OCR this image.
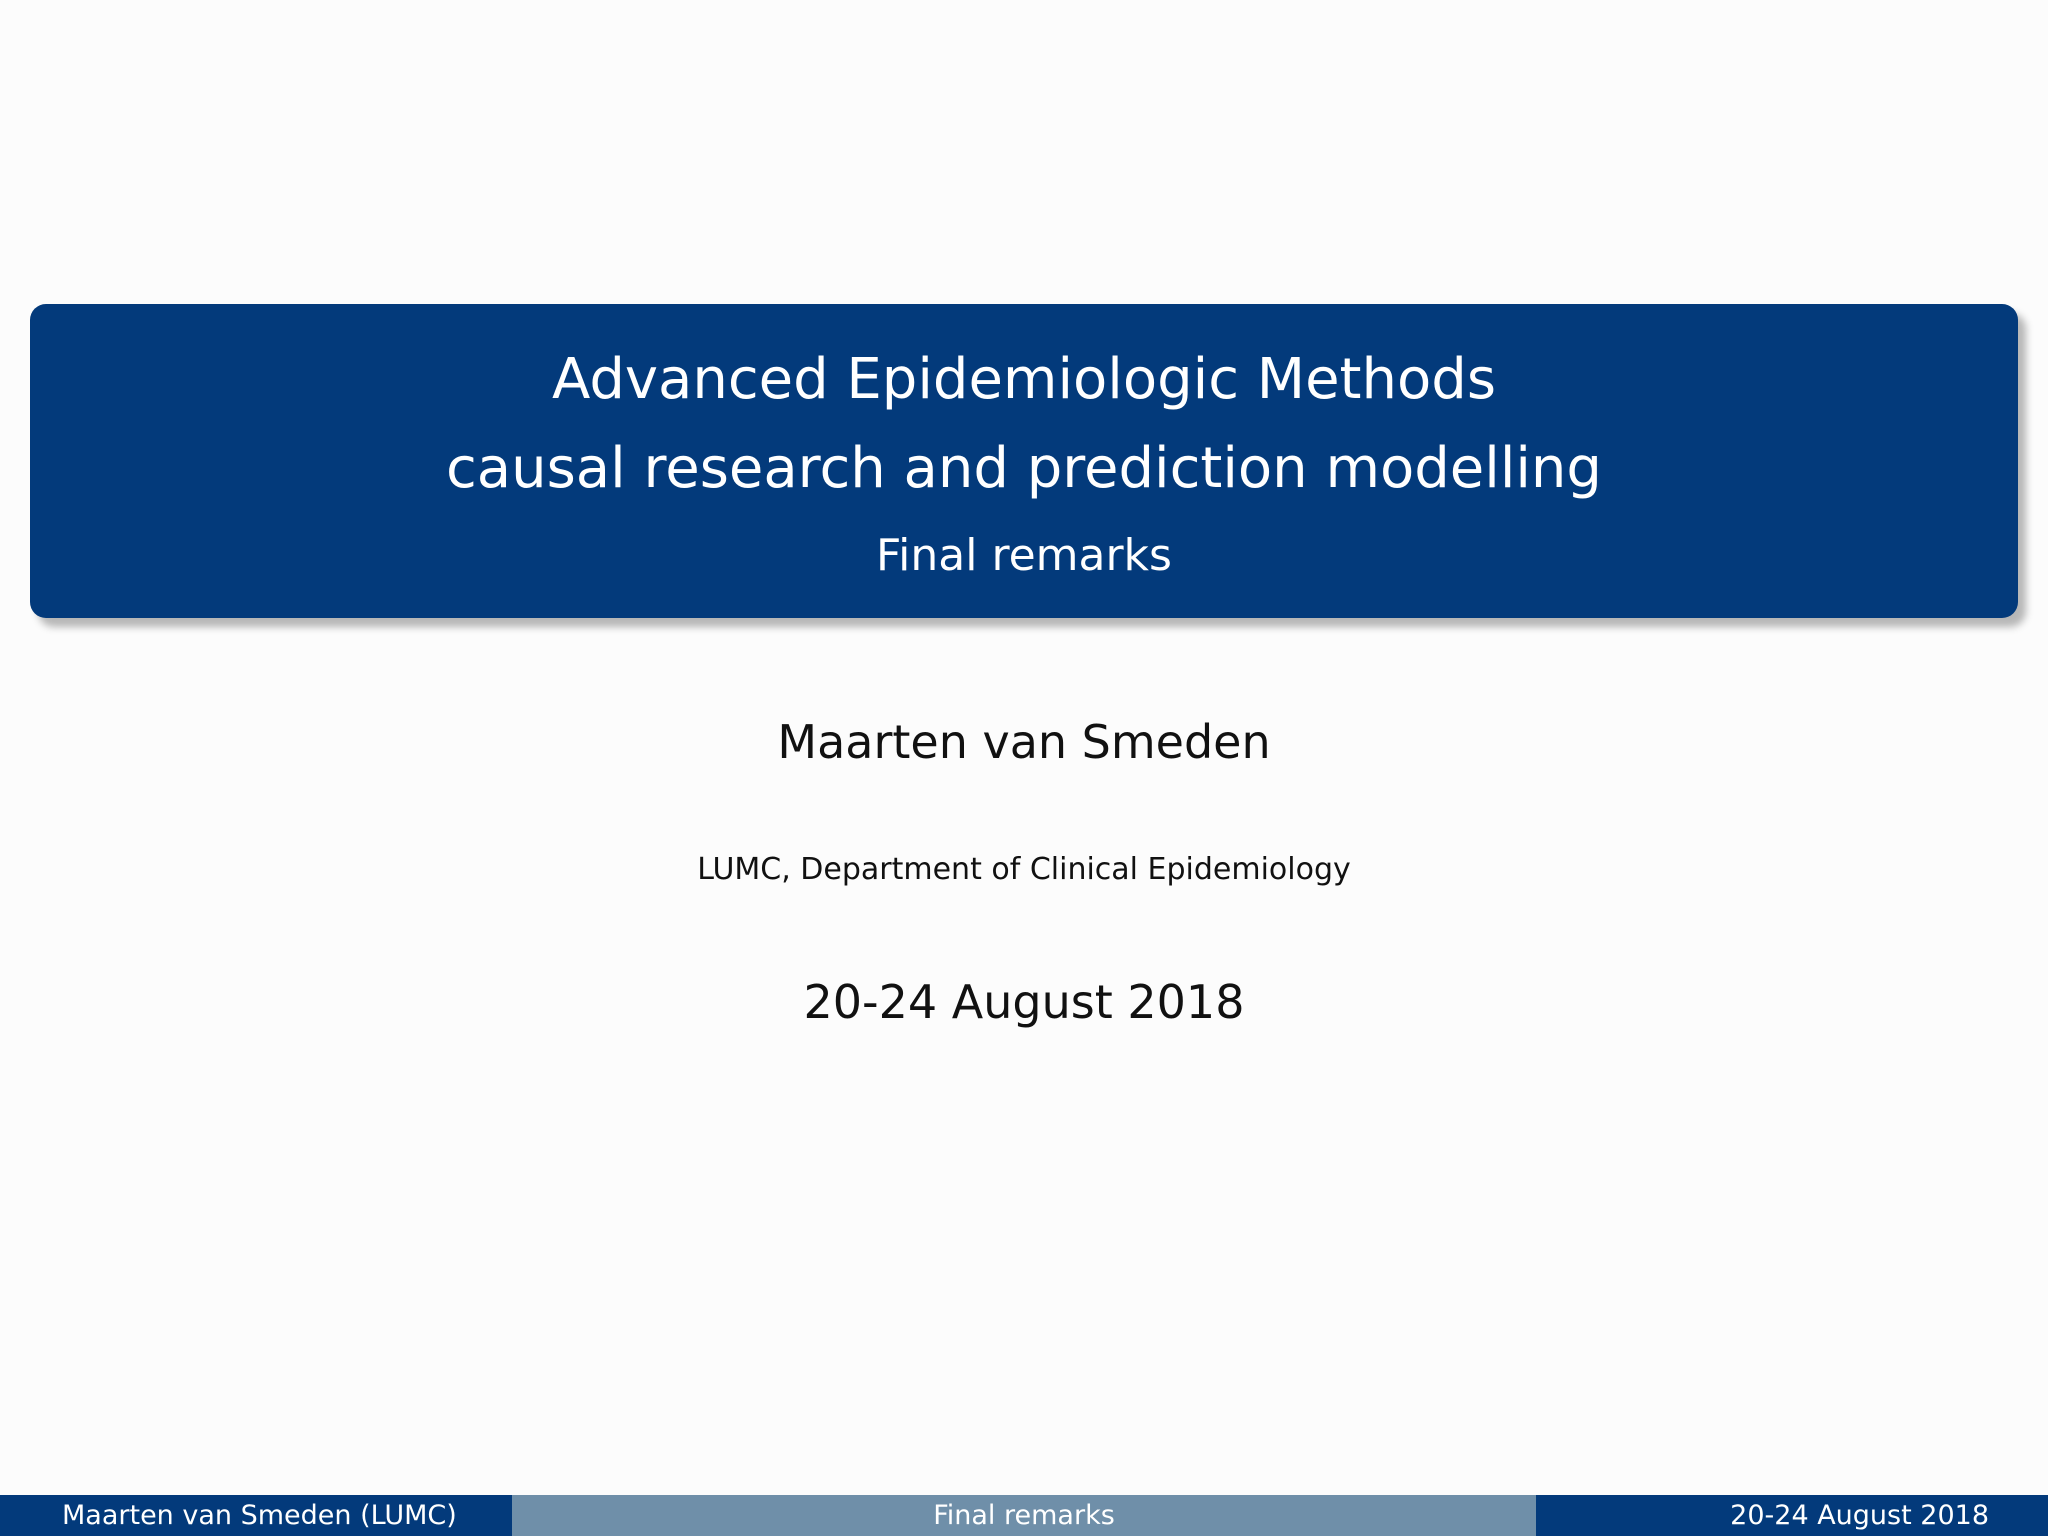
Advanced Epidemiologic Methods
causal research and prediction modelling
Final remarks
Maarten van Smeden
LUMC, Department of Clinical Epidemiology
20-24 August 2018
Maarten van Smeden (LUMC)	Final remarks	20-24 August 2018
